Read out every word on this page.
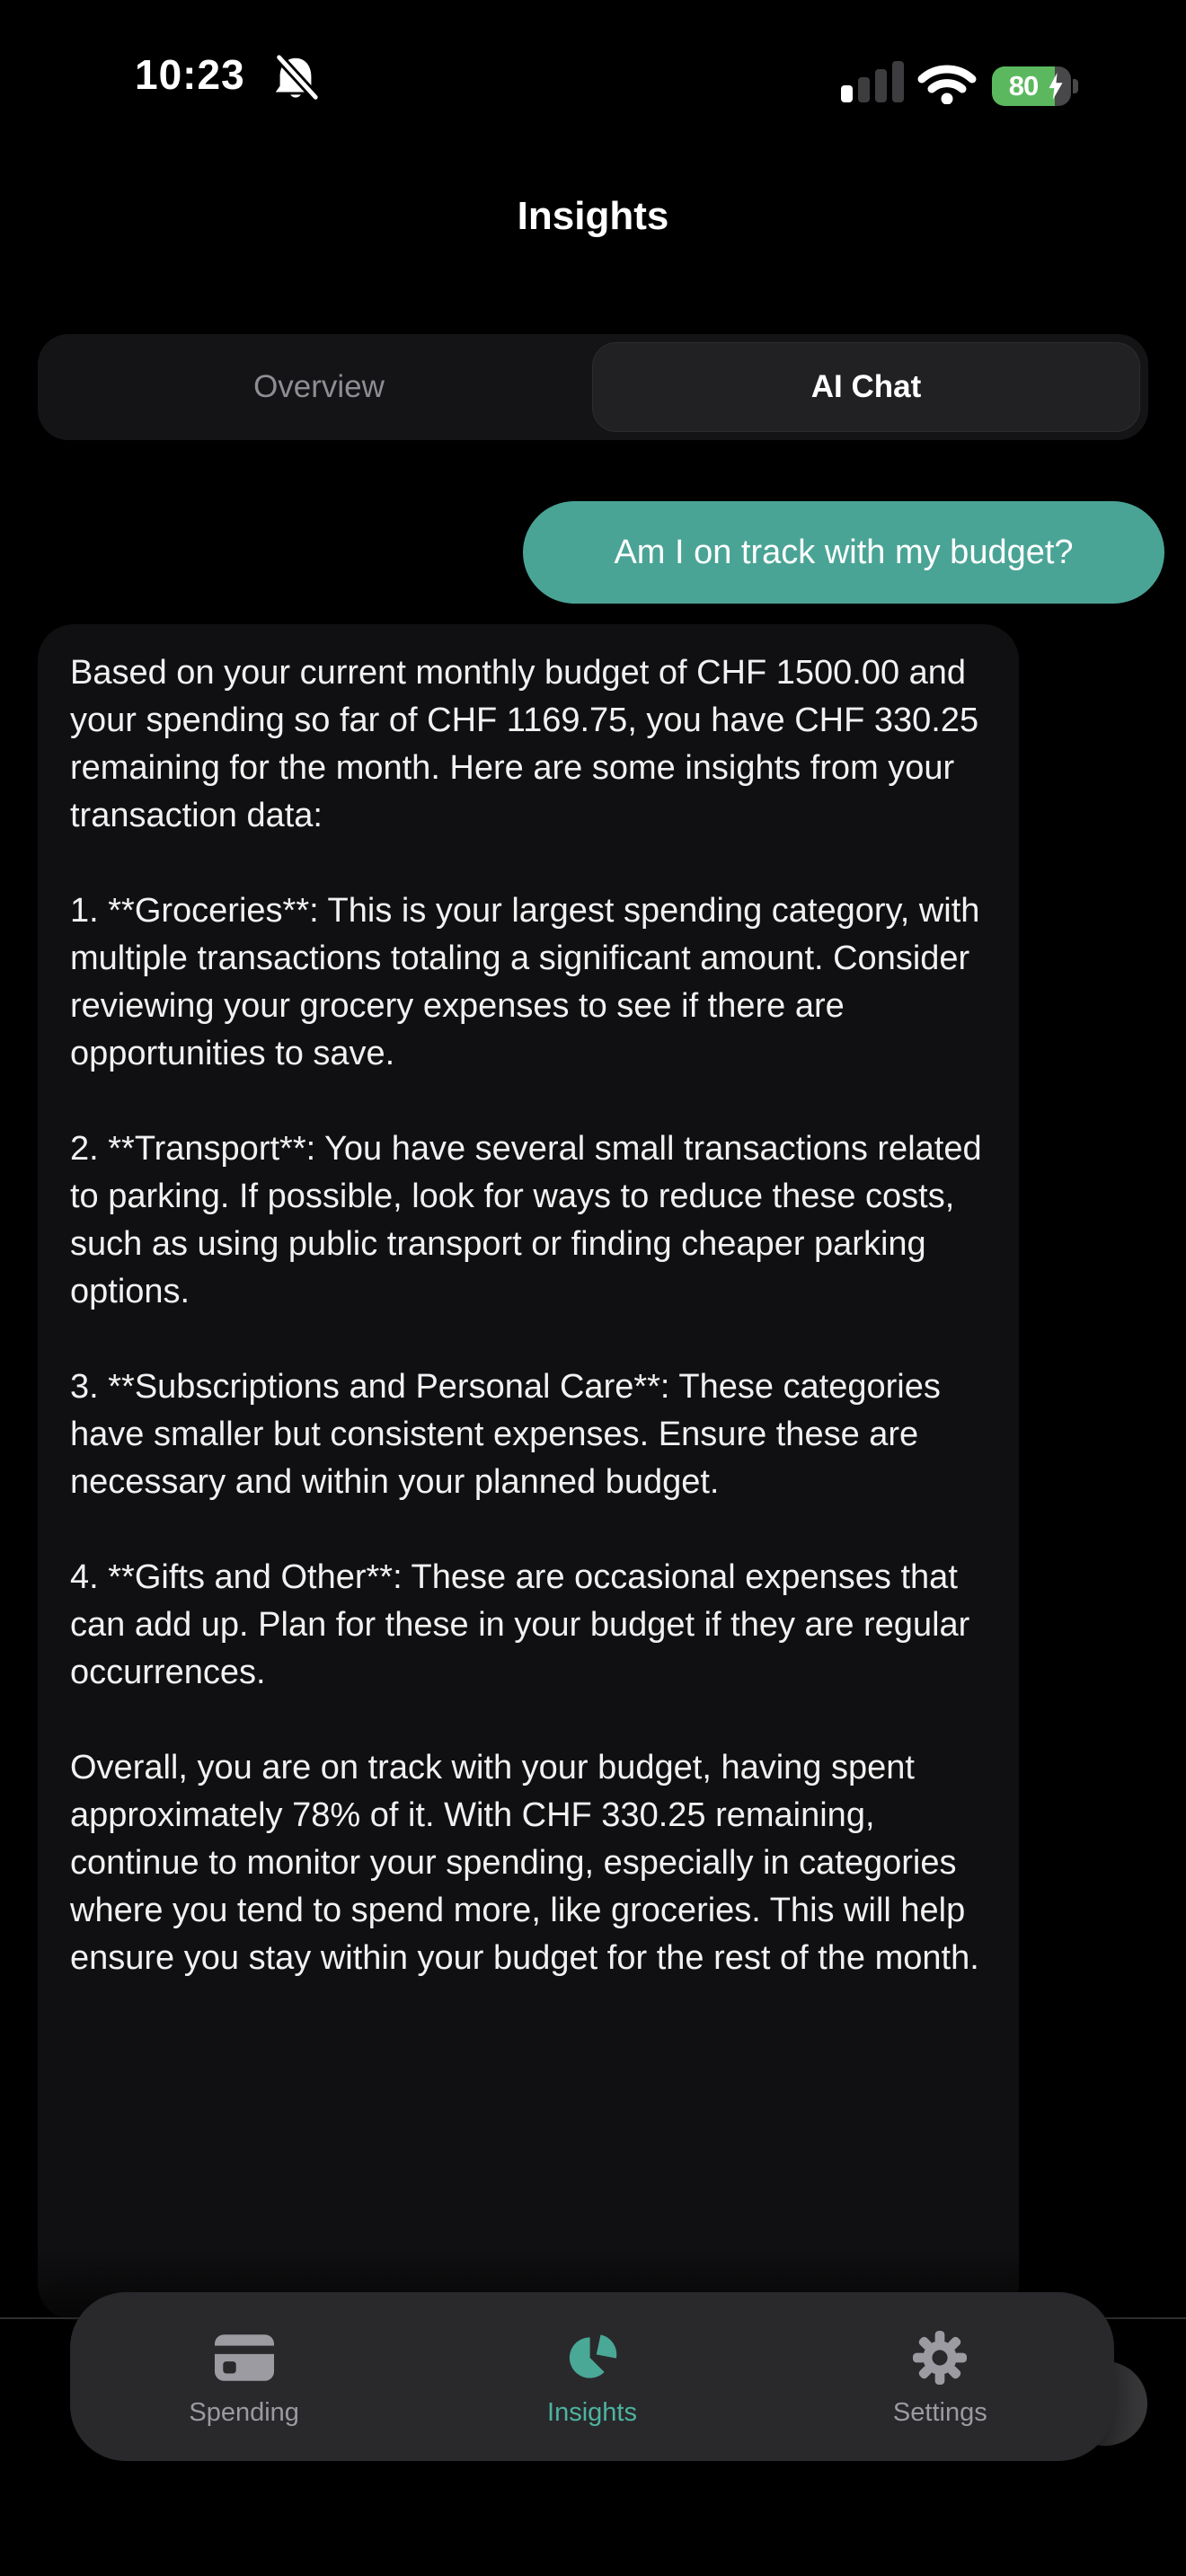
10:23	80
Insights
Overview	AI Chat
Am I on track with my budget?

Based on your current monthly budget of CHF 1500.00 and your spending so far of CHF 1169.75, you have CHF 330.25 remaining for the month. Here are some insights from your transaction data:

1. **Groceries**: This is your largest spending category, with multiple transactions totaling a significant amount. Consider reviewing your grocery expenses to see if there are opportunities to save.

2. **Transport**: You have several small transactions related to parking. If possible, look for ways to reduce these costs, such as using public transport or finding cheaper parking options.

3. **Subscriptions and Personal Care**: These categories have smaller but consistent expenses. Ensure these are necessary and within your planned budget.

4. **Gifts and Other**: These are occasional expenses that can add up. Plan for these in your budget if they are regular occurrences.

Overall, you are on track with your budget, having spent approximately 78% of it. With CHF 330.25 remaining, continue to monitor your spending, especially in categories where you tend to spend more, like groceries. This will help ensure you stay within your budget for the rest of the month.

Spending	Insights	Settings
